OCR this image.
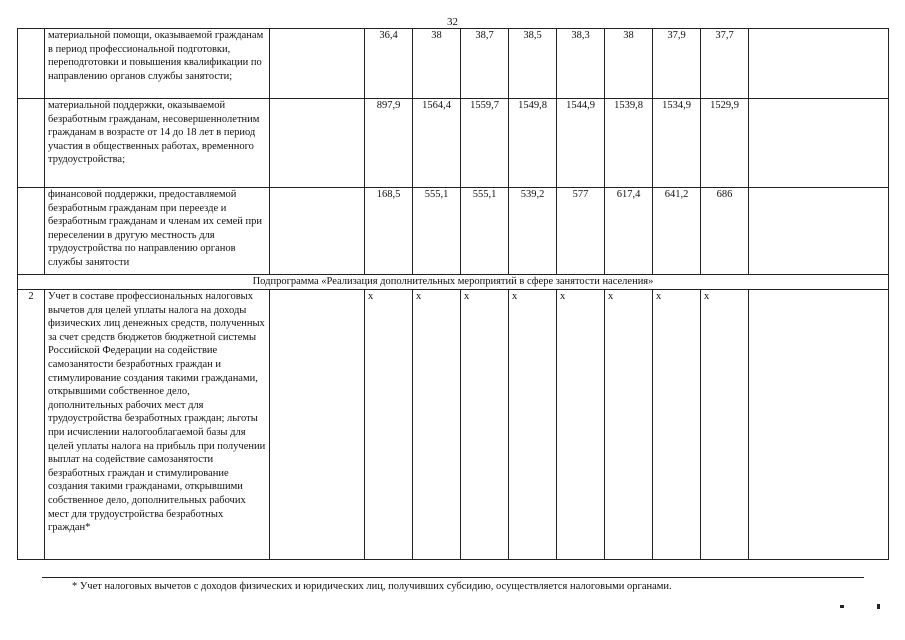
32
	материальной помощи, оказываемой гражданам в период профессиональной подготовки, переподготовки и повышения квалификации по направлению органов службы занятости;		36,4	38	38,7	38,5	38,3	38	37,9	37,7	
	материальной поддержки, оказываемой безработным гражданам, несовершеннолетним гражданам в возрасте от 14 до 18 лет в период участия в общественных работах, временного трудоустройства;		897,9	1564,4	1559,7	1549,8	1544,9	1539,8	1534,9	1529,9	
	финансовой поддержки, предоставляемой безработным гражданам при переезде и безработным гражданам и членам их семей при переселении в другую местность для трудоустройства по направлению органов службы занятости		168,5	555,1	555,1	539,2	577	617,4	641,2	686	
Подпрограмма «Реализация дополнительных мероприятий в сфере занятости населения»											
2	Учет в составе профессиональных налоговых вычетов для целей уплаты налога на доходы физических лиц денежных средств, полученных за счет средств бюджетов бюджетной системы Российской Федерации на содействие самозанятости безработных граждан и стимулирование создания такими гражданами, открывшими собственное дело, дополнительных рабочих мест для трудоустройства безработных граждан; льготы при исчислении налогооблагаемой базы для целей уплаты налога на прибыль при получении выплат на содействие самозанятости безработных граждан и стимулирование создания такими гражданами, открывшими собственное дело, дополнительных рабочих мест для трудоустройства безработных граждан*		x	x	x	x	x	x	x	x	
* Учет налоговых вычетов с доходов физических и юридических лиц, получивших субсидию, осуществляется налоговыми органами.
